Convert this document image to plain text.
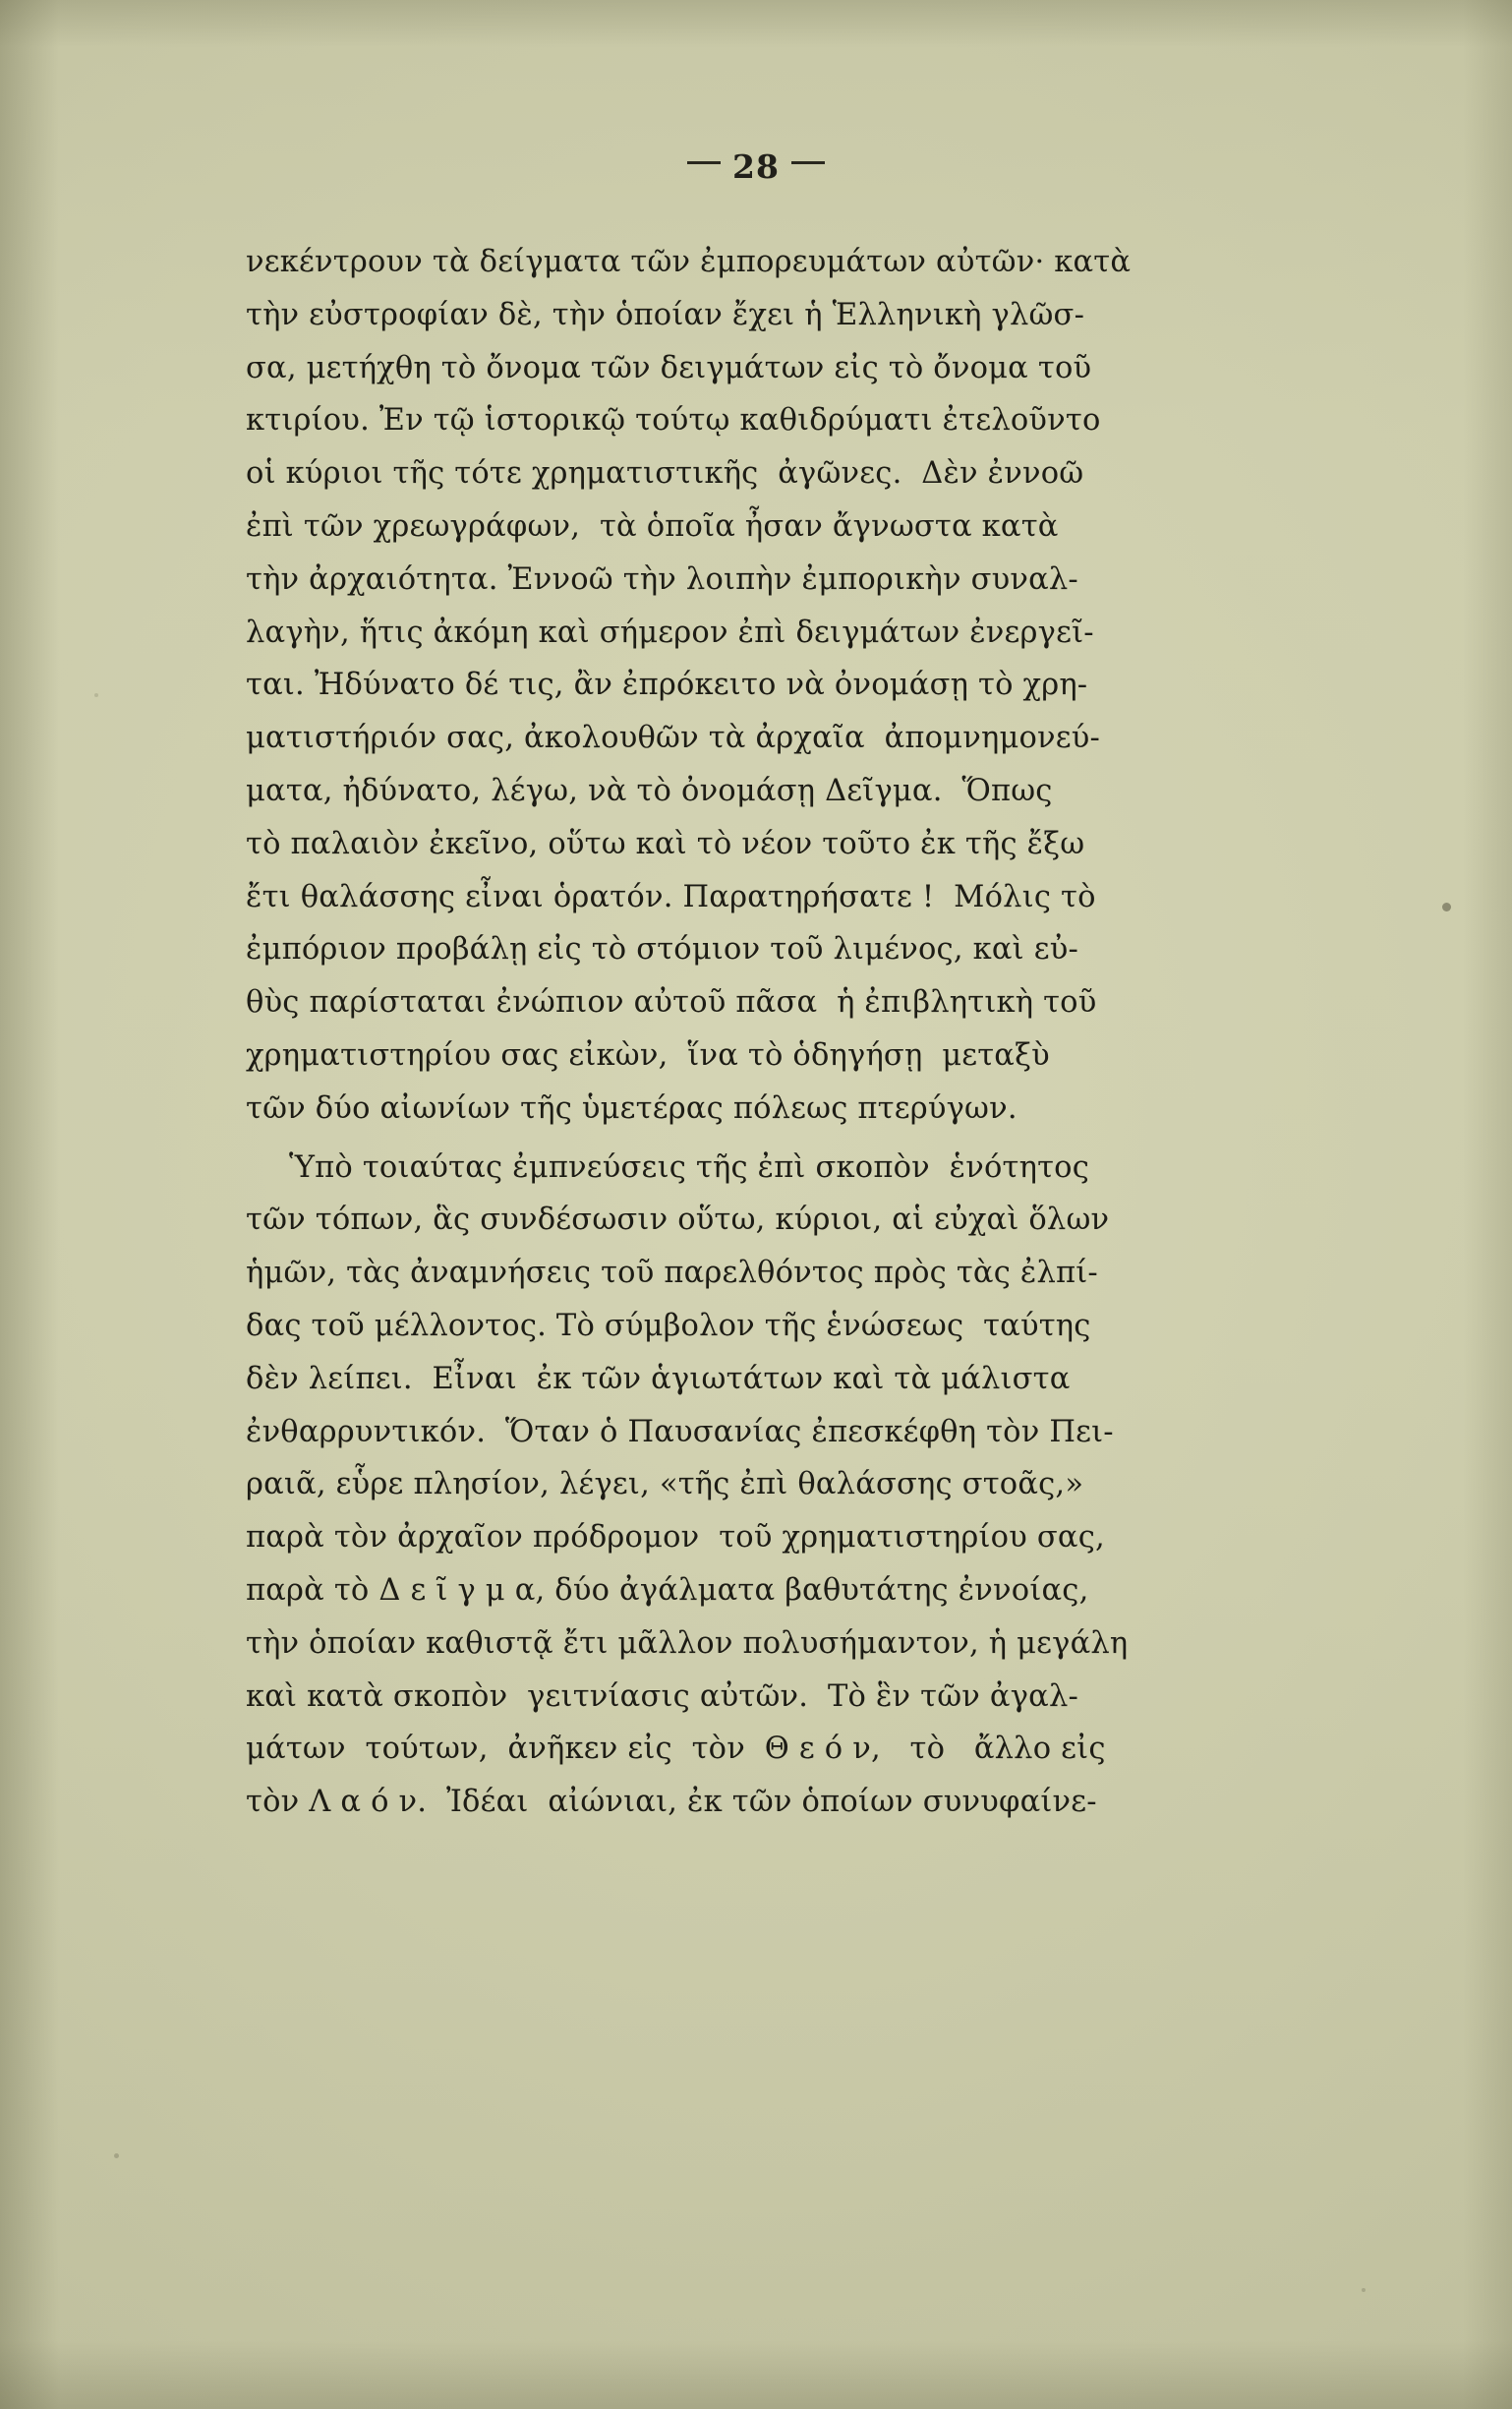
28

νεκέντρουν τὰ δείγματα τῶν ἐμπορευμάτων αὐτῶν· κατὰ
τὴν εὐστροφίαν δὲ, τὴν ὁποίαν ἔχει ἡ Ἑλληνικὴ γλῶσ-
σα, μετήχθη τὸ ὄνομα τῶν δειγμάτων εἰς τὸ ὄνομα τοῦ
κτιρίου. Ἐν τῷ ἱστορικῷ τούτῳ καθιδρύματι ἐτελοῦντο
οἱ κύριοι τῆς τότε χρηματιστικῆς  ἀγῶνες.  Δὲν ἐννοῶ
ἐπὶ τῶν χρεωγράφων,  τὰ ὁποῖα ἦσαν ἄγνωστα κατὰ
τὴν ἀρχαιότητα. Ἐννοῶ τὴν λοιπὴν ἐμπορικὴν συναλ-
λαγὴν, ἥτις ἀκόμη καὶ σήμερον ἐπὶ δειγμάτων ἐνεργεῖ-
ται. Ἠδύνατο δέ τις, ἂν ἐπρόκειτο νὰ ὀνομάσῃ τὸ χρη-
ματιστήριόν σας, ἀκολουθῶν τὰ ἀρχαῖα  ἀπομνημονεύ-
ματα, ἠδύνατο, λέγω, νὰ τὸ ὀνομάσῃ Δεῖγμα.  Ὅπως
τὸ παλαιὸν ἐκεῖνο, οὕτω καὶ τὸ νέον τοῦτο ἐκ τῆς ἔξω
ἔτι θαλάσσης εἶναι ὁρατόν. Παρατηρήσατε !  Μόλις τὸ
ἐμπόριον προβάλῃ εἰς τὸ στόμιον τοῦ λιμένος, καὶ εὐ-
θὺς παρίσταται ἐνώπιον αὐτοῦ πᾶσα  ἡ ἐπιβλητικὴ τοῦ
χρηματιστηρίου σας εἰκὼν,  ἵνα τὸ ὁδηγήσῃ  μεταξὺ
τῶν δύο αἰωνίων τῆς ὑμετέρας πόλεως πτερύγων.

Ὑπὸ τοιαύτας ἐμπνεύσεις τῆς ἐπὶ σκοπὸν  ἑνότητος
τῶν τόπων, ἃς συνδέσωσιν οὕτω, κύριοι, αἱ εὐχαὶ ὅλων
ἡμῶν, τὰς ἀναμνήσεις τοῦ παρελθόντος πρὸς τὰς ἐλπί-
δας τοῦ μέλλοντος. Τὸ σύμβολον τῆς ἑνώσεως  ταύτης
δὲν λείπει.  Εἶναι  ἐκ τῶν ἁγιωτάτων καὶ τὰ μάλιστα
ἐνθαρρυντικόν.  Ὅταν ὁ Παυσανίας ἐπεσκέφθη τὸν Πει-
ραιᾶ, εὗρε πλησίον, λέγει, «τῆς ἐπὶ θαλάσσης στοᾶς,»
παρὰ τὸν ἀρχαῖον πρόδρομον  τοῦ χρηματιστηρίου σας,
παρὰ τὸ Δ ε ῖ γ μ α, δύο ἀγάλματα βαθυτάτης ἐννοίας,
τὴν ὁποίαν καθιστᾷ ἔτι μᾶλλον πολυσήμαντον, ἡ μεγάλη
καὶ κατὰ σκοπὸν  γειτνίασις αὐτῶν.  Τὸ ἓν τῶν ἀγαλ-
μάτων  τούτων,  ἀνῆκεν εἰς  τὸν  Θ ε ό ν,   τὸ   ἄλλο εἰς
τὸν Λ α ό ν.  Ἰδέαι  αἰώνιαι, ἐκ τῶν ὁποίων συνυφαίνε-
